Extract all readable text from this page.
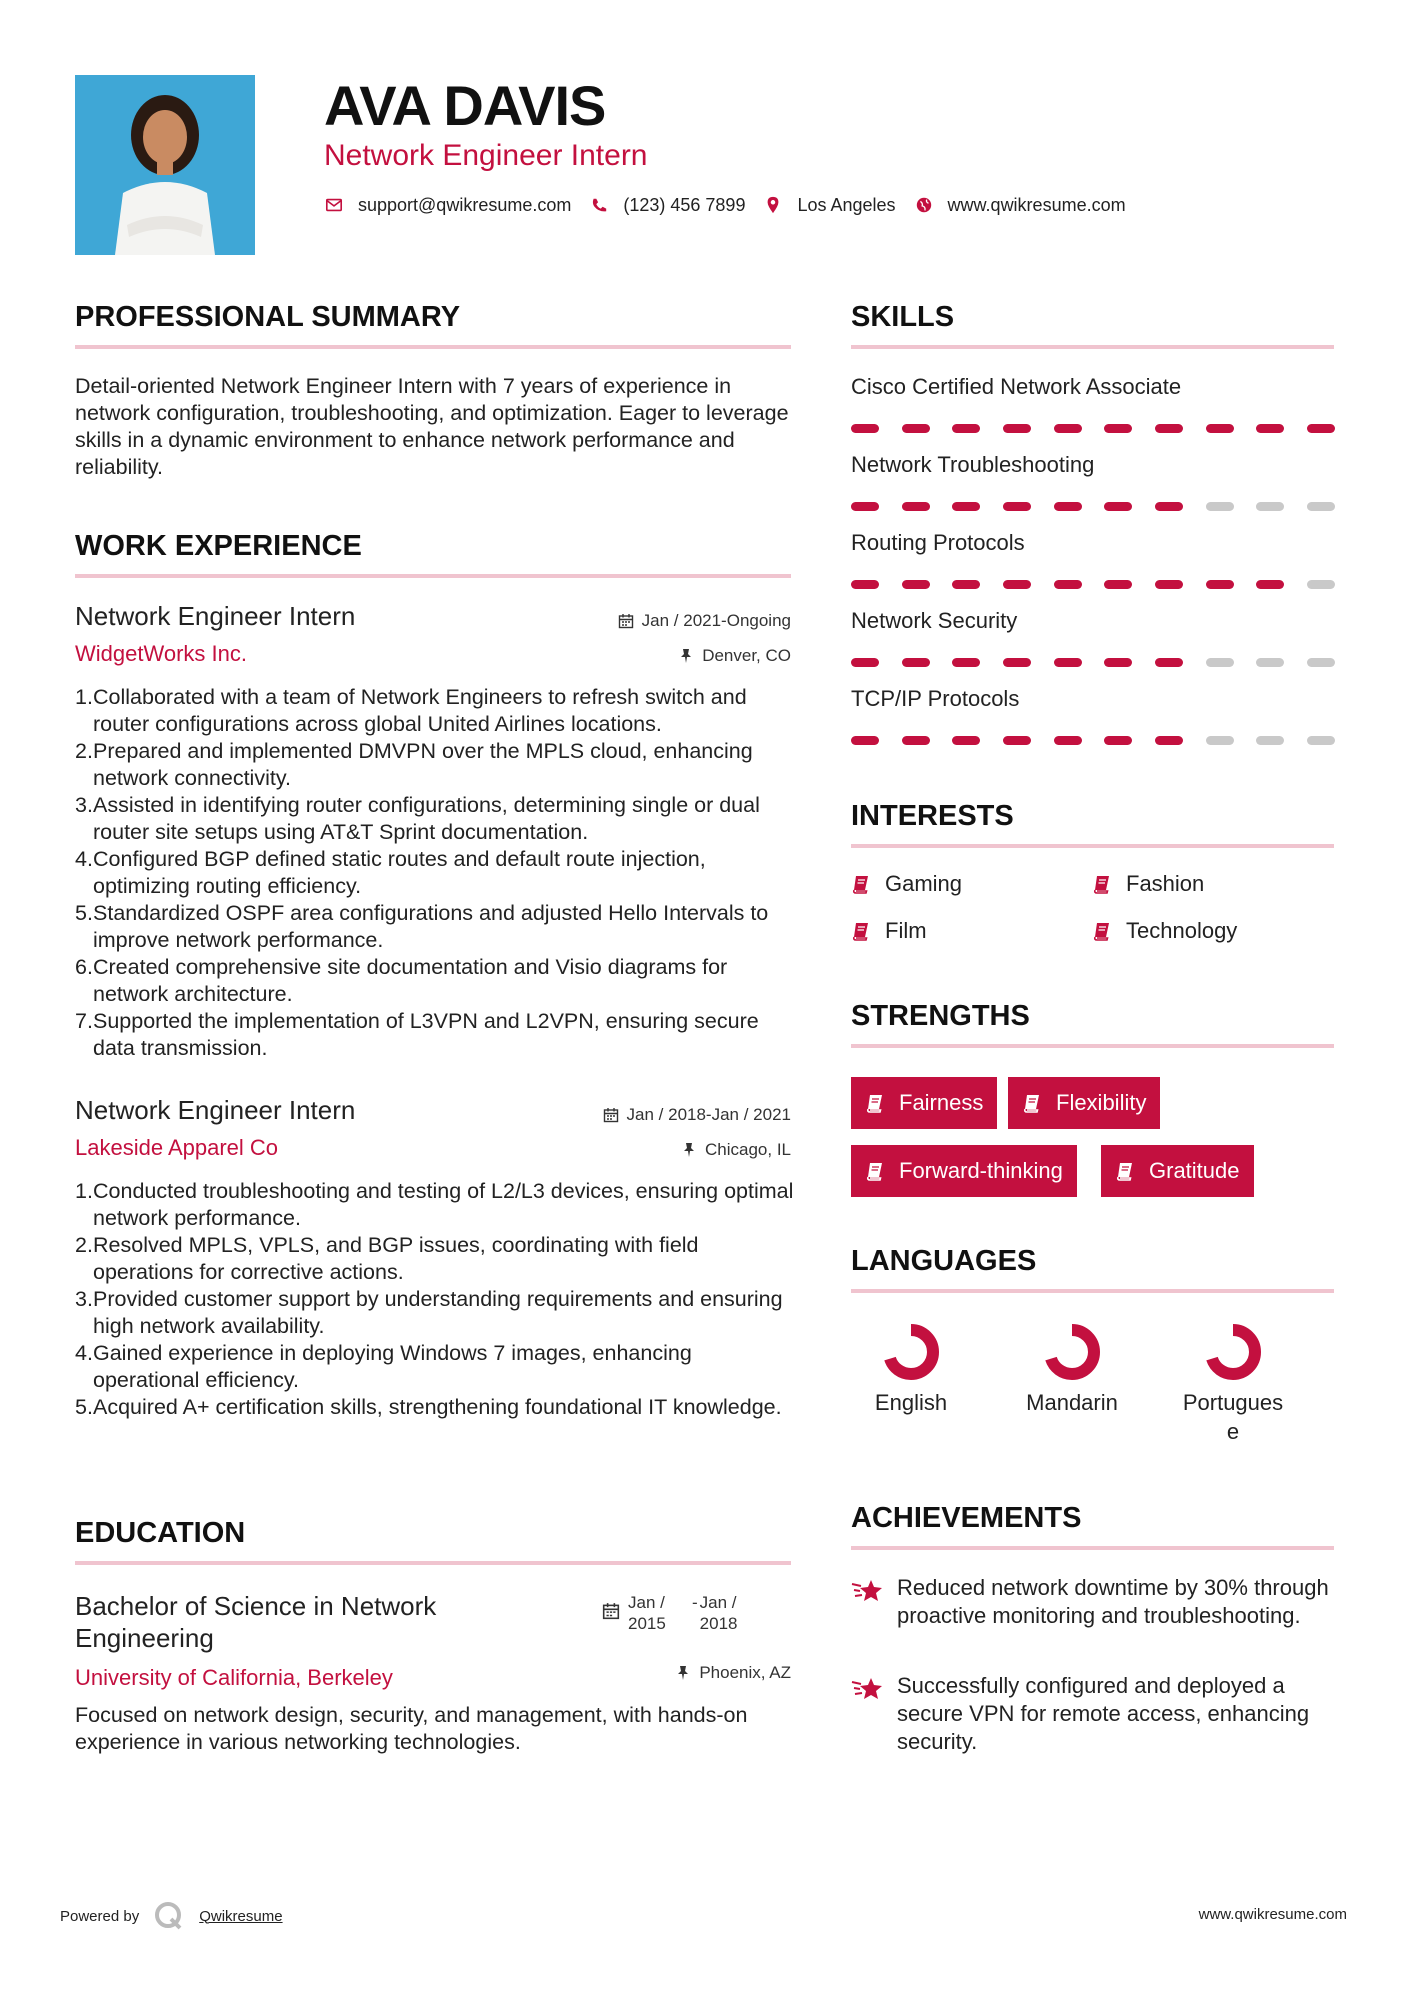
AVA DAVIS
Network Engineer Intern
support@qwikresume.com	(123) 456 7899	Los Angeles	www.qwikresume.com
PROFESSIONAL SUMMARY
Detail-oriented Network Engineer Intern with 7 years of experience in network configuration, troubleshooting, and optimization. Eager to leverage skills in a dynamic environment to enhance network performance and reliability.
WORK EXPERIENCE
Network Engineer Intern	Jan / 2021-Ongoing
WidgetWorks Inc.	Denver, CO
1. Collaborated with a team of Network Engineers to refresh switch and router configurations across global United Airlines locations.
2. Prepared and implemented DMVPN over the MPLS cloud, enhancing network connectivity.
3. Assisted in identifying router configurations, determining single or dual router site setups using AT&T Sprint documentation.
4. Configured BGP defined static routes and default route injection, optimizing routing efficiency.
5. Standardized OSPF area configurations and adjusted Hello Intervals to improve network performance.
6. Created comprehensive site documentation and Visio diagrams for network architecture.
7. Supported the implementation of L3VPN and L2VPN, ensuring secure data transmission.
Network Engineer Intern	Jan / 2018-Jan / 2021
Lakeside Apparel Co	Chicago, IL
1. Conducted troubleshooting and testing of L2/L3 devices, ensuring optimal network performance.
2. Resolved MPLS, VPLS, and BGP issues, coordinating with field operations for corrective actions.
3. Provided customer support by understanding requirements and ensuring high network availability.
4. Gained experience in deploying Windows 7 images, enhancing operational efficiency.
5. Acquired A+ certification skills, strengthening foundational IT knowledge.
EDUCATION
Bachelor of Science in Network Engineering
Jan / 2015
- Jan / 2018
University of California, Berkeley	Phoenix, AZ
Focused on network design, security, and management, with hands-on experience in various networking technologies.
SKILLS
Cisco Certified Network Associate
Network Troubleshooting
Routing Protocols
Network Security
TCP/IP Protocols
INTERESTS
Gaming	Fashion
Film	Technology
STRENGTHS
Fairness	Flexibility
Forward-thinking	Gratitude
LANGUAGES
English	Mandarin	Portuguese
ACHIEVEMENTS
Reduced network downtime by 30% through proactive monitoring and troubleshooting.
Successfully configured and deployed a secure VPN for remote access, enhancing security.
Powered by	Qwikresume	www.qwikresume.com
